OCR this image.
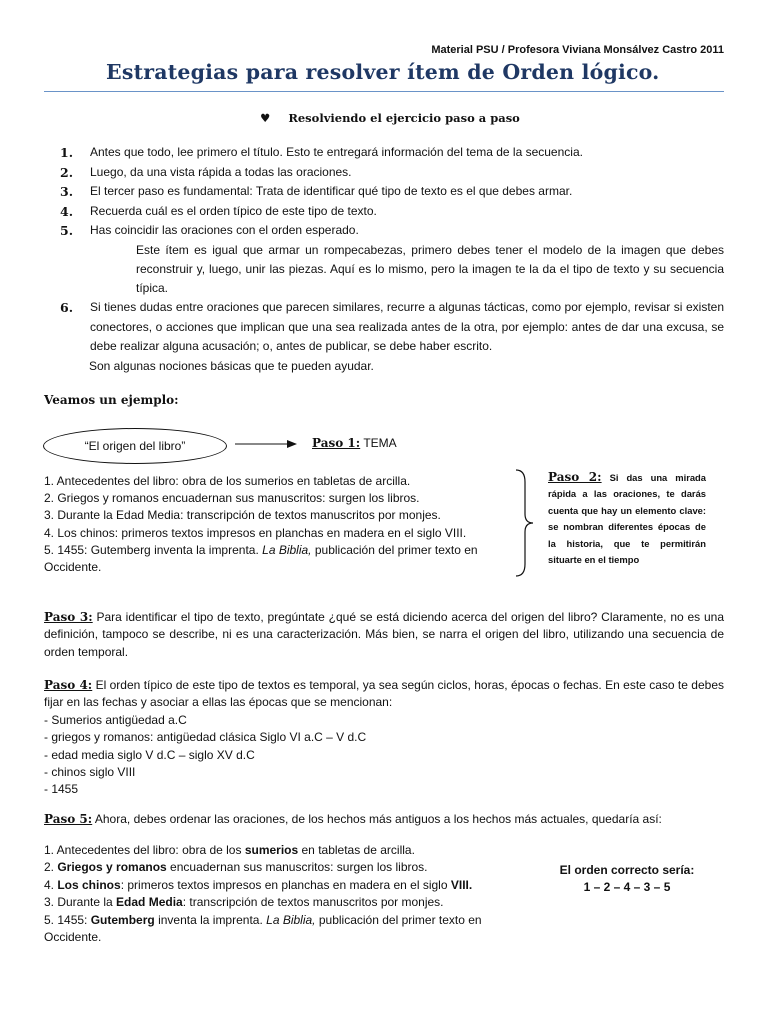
Material PSU / Profesora Viviana Monsálvez Castro 2011
Estrategias para resolver ítem de Orden lógico.
♥ Resolviendo el ejercicio paso a paso
1.	Antes que todo, lee primero el título. Esto te entregará información del tema de la secuencia.
2.	Luego, da una vista rápida a todas las oraciones.
3.	El tercer paso es fundamental: Trata de identificar qué tipo de texto es el que debes armar.
4.	Recuerda cuál es el orden típico de este tipo de texto.
5.	Has coincidir las oraciones con el orden esperado.
Este ítem es igual que armar un rompecabezas, primero debes tener el modelo de la imagen que debes reconstruir y, luego, unir las piezas. Aquí es lo mismo, pero la imagen te la da el tipo de texto y su secuencia típica.
6.	Si tienes dudas entre oraciones que parecen similares, recurre a algunas tácticas, como por ejemplo, revisar si existen conectores, o acciones que implican que una sea realizada antes de la otra, por ejemplo: antes de dar una excusa, se debe realizar alguna acusación; o, antes de publicar, se debe haber escrito.
Son algunas nociones básicas que te pueden ayudar.
Veamos un ejemplo:
“El origen del libro”	Paso 1: TEMA
1. Antecedentes del libro: obra de los sumerios en tabletas de arcilla.
2. Griegos y romanos encuadernan sus manuscritos: surgen los libros.
3. Durante la Edad Media: transcripción de textos manuscritos por monjes.
4. Los chinos: primeros textos impresos en planchas en madera en el siglo VIII.
5. 1455: Gutemberg inventa la imprenta. La Biblia, publicación del primer texto en Occidente.
Paso 2: Si das una mirada rápida a las oraciones, te darás cuenta que hay un elemento clave: se nombran diferentes épocas de la historia, que te permitirán situarte en el tiempo
Paso 3: Para identificar el tipo de texto, pregúntate ¿qué se está diciendo acerca del origen del libro? Claramente, no es una definición, tampoco se describe, ni es una caracterización. Más bien, se narra el origen del libro, utilizando una secuencia de orden temporal.
Paso 4: El orden típico de este tipo de textos es temporal, ya sea según ciclos, horas, épocas o fechas. En este caso te debes fijar en las fechas y asociar a ellas las épocas que se mencionan:
- Sumerios antigüedad a.C
- griegos y romanos: antigüedad clásica Siglo VI a.C – V d.C
- edad media siglo V d.C – siglo XV d.C
- chinos siglo VIII
- 1455
Paso 5: Ahora, debes ordenar las oraciones, de los hechos más antiguos a los hechos más actuales, quedaría así:
1. Antecedentes del libro: obra de los sumerios en tabletas de arcilla.
2. Griegos y romanos encuadernan sus manuscritos: surgen los libros.
4. Los chinos: primeros textos impresos en planchas en madera en el siglo VIII.
3. Durante la Edad Media: transcripción de textos manuscritos por monjes.
5. 1455: Gutemberg inventa la imprenta. La Biblia, publicación del primer texto en Occidente.
El orden correcto sería:
1 – 2 – 4 – 3 – 5
